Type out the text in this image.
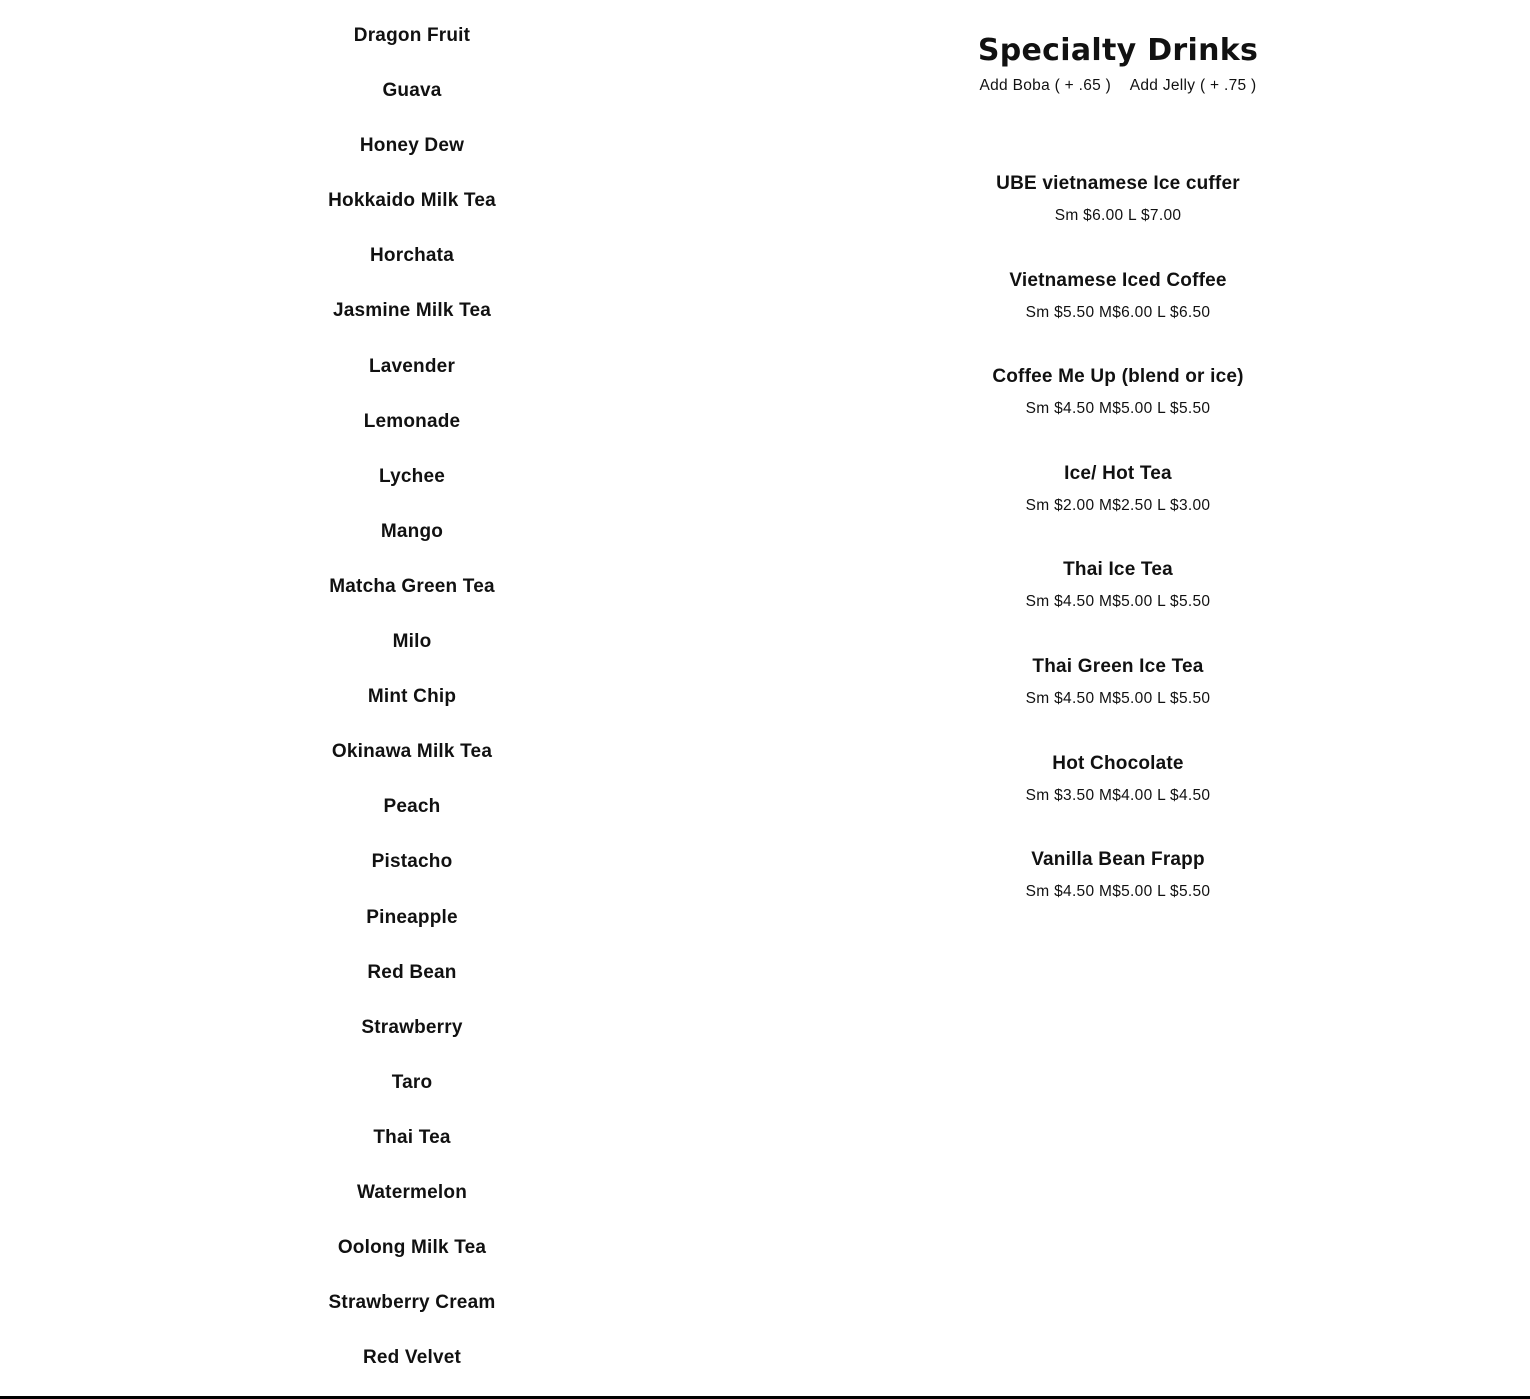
Dragon Fruit
Guava
Honey Dew
Hokkaido Milk Tea
Horchata
Jasmine Milk Tea
Lavender
Lemonade
Lychee
Mango
Matcha Green Tea
Milo
Mint Chip
Okinawa Milk Tea
Peach
Pistacho
Pineapple
Red Bean
Strawberry
Taro
Thai Tea
Watermelon
Oolong Milk Tea
Strawberry Cream
Red Velvet
Specialty Drinks
Add Boba ( + .65 ) Add Jelly ( + .75 )
UBE vietnamese Ice cuffer
Sm $6.00 L $7.00
Vietnamese Iced Coffee
Sm $5.50 M$6.00 L $6.50
Coffee Me Up (blend or ice)
Sm $4.50 M$5.00 L $5.50
Ice/ Hot Tea
Sm $2.00 M$2.50 L $3.00
Thai Ice Tea
Sm $4.50 M$5.00 L $5.50
Thai Green Ice Tea
Sm $4.50 M$5.00 L $5.50
Hot Chocolate
Sm $3.50 M$4.00 L $4.50
Vanilla Bean Frapp
Sm $4.50 M$5.00 L $5.50
